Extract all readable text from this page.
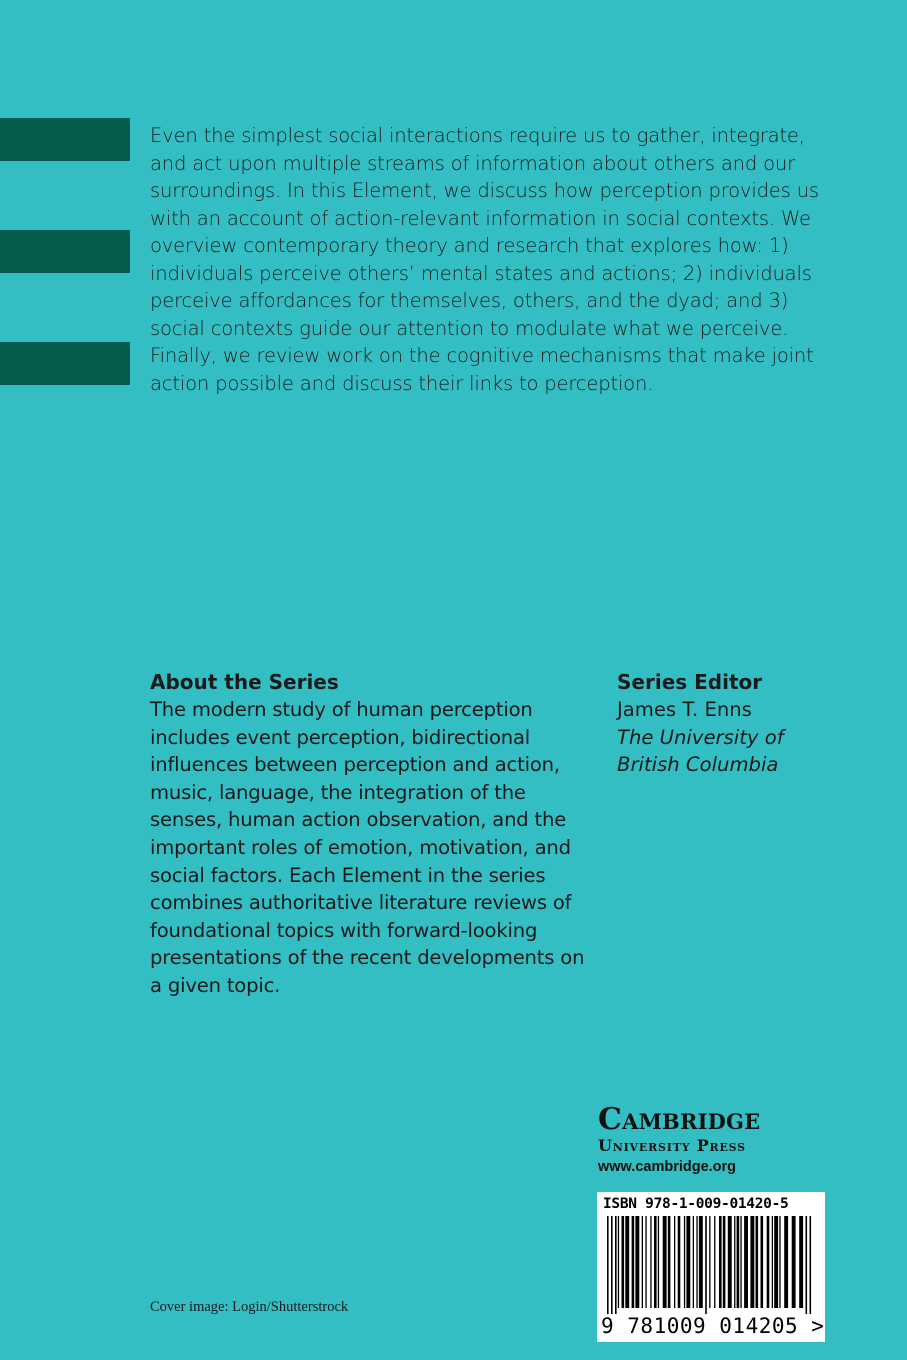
Even the simplest social interactions require us to gather, integrate, and act upon multiple streams of information about others and our surroundings. In this Element, we discuss how perception provides us with an account of action-relevant information in social contexts. We overview contemporary theory and research that explores how: 1) individuals perceive others’ mental states and actions; 2) individuals perceive affordances for themselves, others, and the dyad; and 3) social contexts guide our attention to modulate what we perceive. Finally, we review work on the cognitive mechanisms that make joint action possible and discuss their links to perception.

About the Series

The modern study of human perception includes event perception, bidirectional influences between perception and action, music, language, the integration of the senses, human action observation, and the important roles of emotion, motivation, and social factors. Each Element in the series combines authoritative literature reviews of foundational topics with forward-looking presentations of the recent developments on a given topic.

Series Editor

James T. Enns

The University of British Columbia

Cambridge

University Press

www.cambridge.org

ISBN 978-1-009-01420-5
9 781009 014205 >
Cover image: Login/Shutterstrock
